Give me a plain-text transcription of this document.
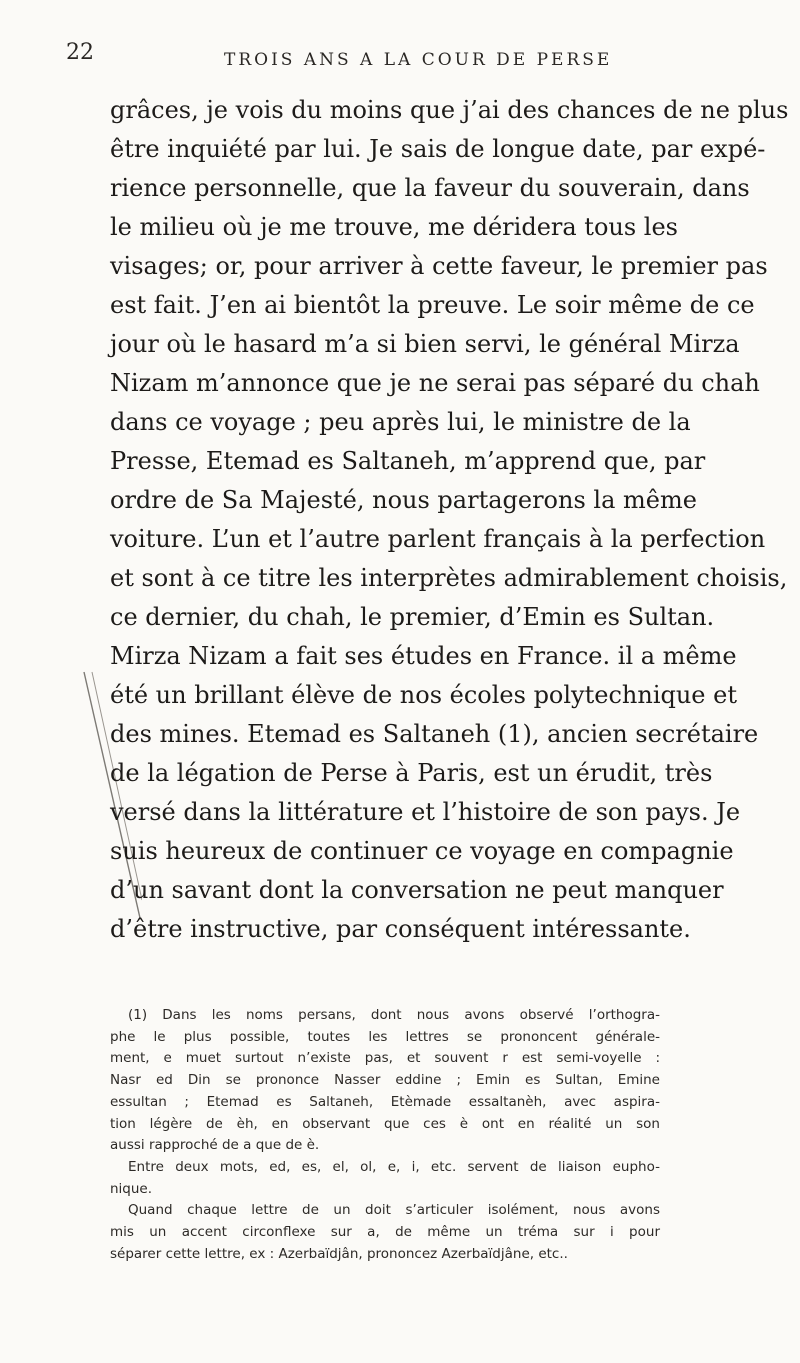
22	TROIS ANS A LA COUR DE PERSE
grâces, je vois du moins que j’ai des chances de ne plus
être inquiété par lui. Je sais de longue date, par expé-
rience personnelle, que la faveur du souverain, dans
le milieu où je me trouve, me déridera tous les
visages; or, pour arriver à cette faveur, le premier pas
est fait. J’en ai bientôt la preuve. Le soir même de ce
jour où le hasard m’a si bien servi, le général Mirza
Nizam m’annonce que je ne serai pas séparé du chah
dans ce voyage ; peu après lui, le ministre de la
Presse, Etemad es Saltaneh, m’apprend que, par
ordre de Sa Majesté, nous partagerons la même
voiture. L’un et l’autre parlent français à la perfection
et sont à ce titre les interprètes admirablement choisis,
ce dernier, du chah, le premier, d’Emin es Sultan.
Mirza Nizam a fait ses études en France. il a même
été un brillant élève de nos écoles polytechnique et
des mines. Etemad es Saltaneh (1), ancien secrétaire
de la légation de Perse à Paris, est un érudit, très
versé dans la littérature et l’histoire de son pays. Je
suis heureux de continuer ce voyage en compagnie
d’un savant dont la conversation ne peut manquer
d’être instructive, par conséquent intéressante.
(1) Dans les noms persans, dont nous avons observé l’orthogra-
phe le plus possible, toutes les lettres se prononcent générale-
ment, e muet surtout n’existe pas, et souvent r est semi-voyelle :
Nasr ed Din se prononce Nasser eddine ; Emin es Sultan, Emine
essultan ; Etemad es Saltaneh, Etèmade essaltanèh, avec aspira-
tion légère de èh, en observant que ces è ont en réalité un son
aussi rapproché de a que de è.
Entre deux mots, ed, es, el, ol, e, i, etc. servent de liaison eupho-
nique.
Quand chaque lettre de un doit s’articuler isolément, nous avons
mis un accent circonflexe sur a, de même un tréma sur i pour
séparer cette lettre, ex : Azerbaïdjân, prononcez Azerbaïdjâne, etc..
